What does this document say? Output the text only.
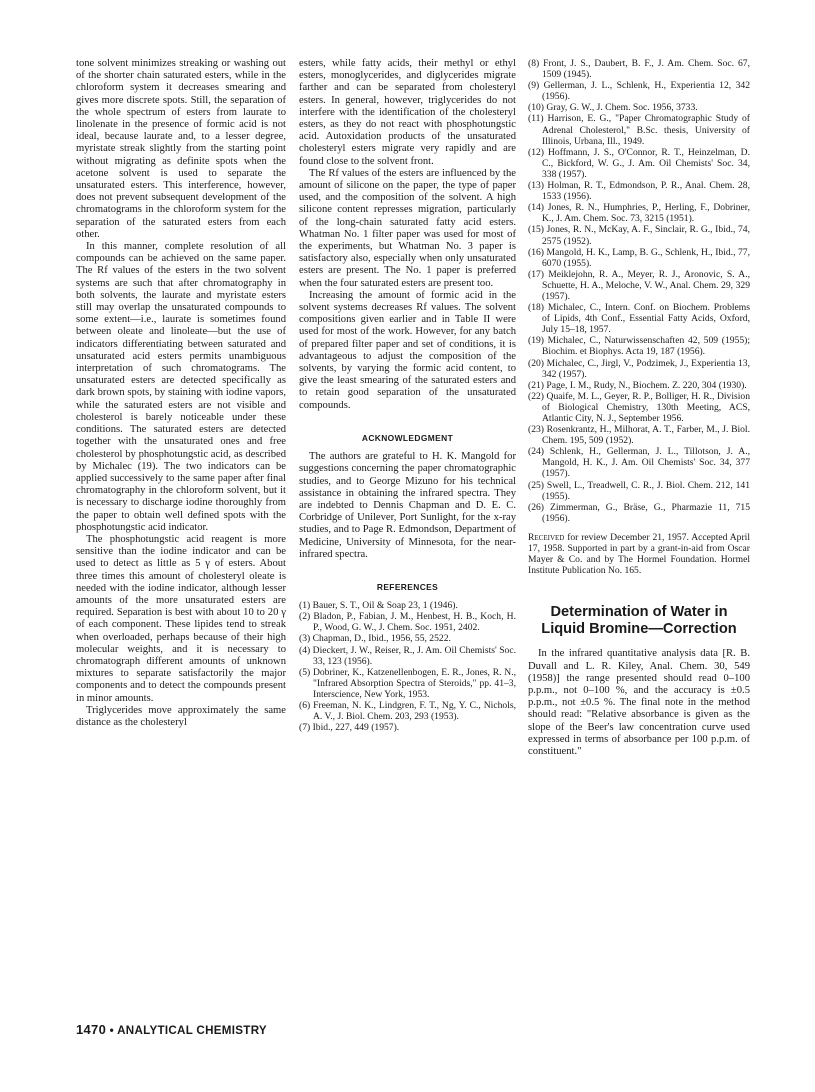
tone solvent minimizes streaking or washing out of the shorter chain saturated esters, while in the chloroform system it decreases smearing and gives more discrete spots. Still, the separation of the whole spectrum of esters from laurate to linolenate in the presence of formic acid is not ideal, because laurate and, to a lesser degree, myristate streak slightly from the starting point without migrating as definite spots when the acetone solvent is used to separate the unsaturated esters. This interference, however, does not prevent subsequent development of the chromatograms in the chloroform system for the separation of the saturated esters from each other.

In this manner, complete resolution of all compounds can be achieved on the same paper. The Rf values of the esters in the two solvent systems are such that after chromatography in both solvents, the laurate and myristate esters still may overlap the unsaturated compounds to some extent—i.e., laurate is sometimes found between oleate and linoleate—but the use of indicators differentiating between saturated and unsaturated acid esters permits unambiguous interpretation of such chromatograms. The unsaturated esters are detected specifically as dark brown spots, by staining with iodine vapors, while the saturated esters are not visible and cholesterol is barely noticeable under these conditions. The saturated esters are detected together with the unsaturated ones and free cholesterol by phosphotungstic acid, as described by Michalec (19). The two indicators can be applied successively to the same paper after final chromatography in the chloroform solvent, but it is necessary to discharge iodine thoroughly from the paper to obtain well defined spots with the phosphotungstic acid indicator.

The phosphotungstic acid reagent is more sensitive than the iodine indicator and can be used to detect as little as 5 γ of esters. About three times this amount of cholesteryl oleate is needed with the iodine indicator, although lesser amounts of the more unsaturated esters are required. Separation is best with about 10 to 20 γ of each component. These lipides tend to streak when overloaded, perhaps because of their high molecular weights, and it is necessary to chromatograph different amounts of unknown mixtures to separate satisfactorily the major components and to detect the compounds present in minor amounts.

Triglycerides move approximately the same distance as the cholesteryl

esters, while fatty acids, their methyl or ethyl esters, monoglycerides, and diglycerides migrate farther and can be separated from cholesteryl esters. In general, however, triglycerides do not interfere with the identification of the cholesteryl esters, as they do not react with phosphotungstic acid. Autoxidation products of the unsaturated cholesteryl esters migrate very rapidly and are found close to the solvent front.

The Rf values of the esters are influenced by the amount of silicone on the paper, the type of paper used, and the composition of the solvent. A high silicone content represses migration, particularly of the long-chain saturated fatty acid esters. Whatman No. 1 filter paper was used for most of the experiments, but Whatman No. 3 paper is satisfactory also, especially when only unsaturated esters are present. The No. 1 paper is preferred when the four saturated esters are present too.

Increasing the amount of formic acid in the solvent systems decreases Rf values. The solvent compositions given earlier and in Table II were used for most of the work. However, for any batch of prepared filter paper and set of conditions, it is advantageous to adjust the composition of the solvents, by varying the formic acid content, to give the least smearing of the saturated esters and to retain good separation of the unsaturated compounds.

ACKNOWLEDGMENT

The authors are grateful to H. K. Mangold for suggestions concerning the paper chromatographic studies, and to George Mizuno for his technical assistance in obtaining the infrared spectra. They are indebted to Dennis Chapman and D. E. C. Corbridge of Unilever, Port Sunlight, for the x-ray studies, and to Page R. Edmondson, Department of Medicine, University of Minnesota, for the near-infrared spectra.

REFERENCES
(1) Bauer, S. T., Oil & Soap 23, 1 (1946).
(2) Bladon, P., Fabian, J. M., Henbest, H. B., Koch, H. P., Wood, G. W., J. Chem. Soc. 1951, 2402.
(3) Chapman, D., Ibid., 1956, 55, 2522.
(4) Dieckert, J. W., Reiser, R., J. Am. Oil Chemists' Soc. 33, 123 (1956).
(5) Dobriner, K., Katzenellenbogen, E. R., Jones, R. N., "Infrared Absorption Spectra of Steroids," pp. 41–3, Interscience, New York, 1953.
(6) Freeman, N. K., Lindgren, F. T., Ng, Y. C., Nichols, A. V., J. Biol. Chem. 203, 293 (1953).
(7) Ibid., 227, 449 (1957).
(8) Front, J. S., Daubert, B. F., J. Am. Chem. Soc. 67, 1509 (1945).
(9) Gellerman, J. L., Schlenk, H., Experientia 12, 342 (1956).
(10) Gray, G. W., J. Chem. Soc. 1956, 3733.
(11) Harrison, E. G., "Paper Chromatographic Study of Adrenal Cholesterol," B.Sc. thesis, University of Illinois, Urbana, Ill., 1949.
(12) Hoffmann, J. S., O'Connor, R. T., Heinzelman, D. C., Bickford, W. G., J. Am. Oil Chemists' Soc. 34, 338 (1957).
(13) Holman, R. T., Edmondson, P. R., Anal. Chem. 28, 1533 (1956).
(14) Jones, R. N., Humphries, P., Herling, F., Dobriner, K., J. Am. Chem. Soc. 73, 3215 (1951).
(15) Jones, R. N., McKay, A. F., Sinclair, R. G., Ibid., 74, 2575 (1952).
(16) Mangold, H. K., Lamp, B. G., Schlenk, H., Ibid., 77, 6070 (1955).
(17) Meiklejohn, R. A., Meyer, R. J., Aronovic, S. A., Schuette, H. A., Meloche, V. W., Anal. Chem. 29, 329 (1957).
(18) Michalec, C., Intern. Conf. on Biochem. Problems of Lipids, 4th Conf., Essential Fatty Acids, Oxford, July 15–18, 1957.
(19) Michalec, C., Naturwissenschaften 42, 509 (1955); Biochim. et Biophys. Acta 19, 187 (1956).
(20) Michalec, C., Jirgl, V., Podzimek, J., Experientia 13, 342 (1957).
(21) Page, I. M., Rudy, N., Biochem. Z. 220, 304 (1930).
(22) Quaife, M. L., Geyer, R. P., Bolliger, H. R., Division of Biological Chemistry, 130th Meeting, ACS, Atlantic City, N. J., September 1956.
(23) Rosenkrantz, H., Milhorat, A. T., Farber, M., J. Biol. Chem. 195, 509 (1952).
(24) Schlenk, H., Gellerman, J. L., Tillotson, J. A., Mangold, H. K., J. Am. Oil Chemists' Soc. 34, 377 (1957).
(25) Swell, L., Treadwell, C. R., J. Biol. Chem. 212, 141 (1955).
(26) Zimmerman, G., Bräse, G., Pharmazie 11, 715 (1956).
Received for review December 21, 1957. Accepted April 17, 1958. Supported in part by a grant-in-aid from Oscar Mayer & Co. and by The Hormel Foundation. Hormel Institute Publication No. 165.
Determination of Water in Liquid Bromine—Correction

In the infrared quantitative analysis data [R. B. Duvall and L. R. Kiley, Anal. Chem. 30, 549 (1958)] the range presented should read 0–100 p.p.m., not 0–100 %, and the accuracy is ±0.5 p.p.m., not ±0.5 %. The final note in the method should read: "Relative absorbance is given as the slope of the Beer's law concentration curve used expressed in terms of absorbance per 100 p.p.m. of constituent."

1470 • ANALYTICAL CHEMISTRY
